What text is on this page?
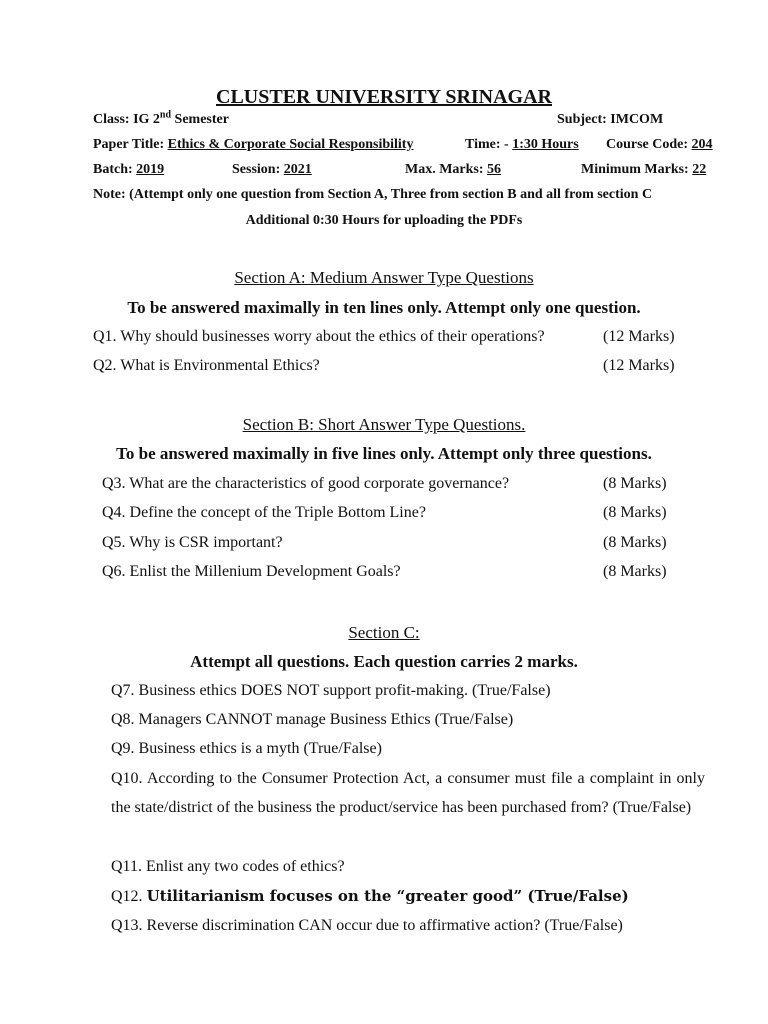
CLUSTER UNIVERSITY SRINAGAR
Class: IG 2nd Semester	Subject: IMCOM
Paper Title: Ethics & Corporate Social Responsibility	Time: - 1:30 Hours Course Code: 204
Batch: 2019	Session: 2021	Max. Marks: 56	Minimum Marks: 22
Note: (Attempt only one question from Section A, Three from section B and all from section C
Additional 0:30 Hours for uploading the PDFs
Section A: Medium Answer Type Questions
To be answered maximally in ten lines only. Attempt only one question.
Q1. Why should businesses worry about the ethics of their operations?	(12 Marks)
Q2. What is Environmental Ethics?	(12 Marks)
Section B: Short Answer Type Questions.
To be answered maximally in five lines only. Attempt only three questions.
Q3. What are the characteristics of good corporate governance?	(8 Marks)
Q4. Define the concept of the Triple Bottom Line?	(8 Marks)
Q5. Why is CSR important?	(8 Marks)
Q6. Enlist the Millenium Development Goals?	(8 Marks)
Section C:
Attempt all questions. Each question carries 2 marks.
Q7. Business ethics DOES NOT support profit-making. (True/False)
Q8. Managers CANNOT manage Business Ethics (True/False)
Q9. Business ethics is a myth (True/False)
Q10. According to the Consumer Protection Act, a consumer must file a complaint in only the state/district of the business the product/service has been purchased from? (True/False)
Q11. Enlist any two codes of ethics?
Q12. Utilitarianism focuses on the “greater good” (True/False)
Q13. Reverse discrimination CAN occur due to affirmative action? (True/False)
